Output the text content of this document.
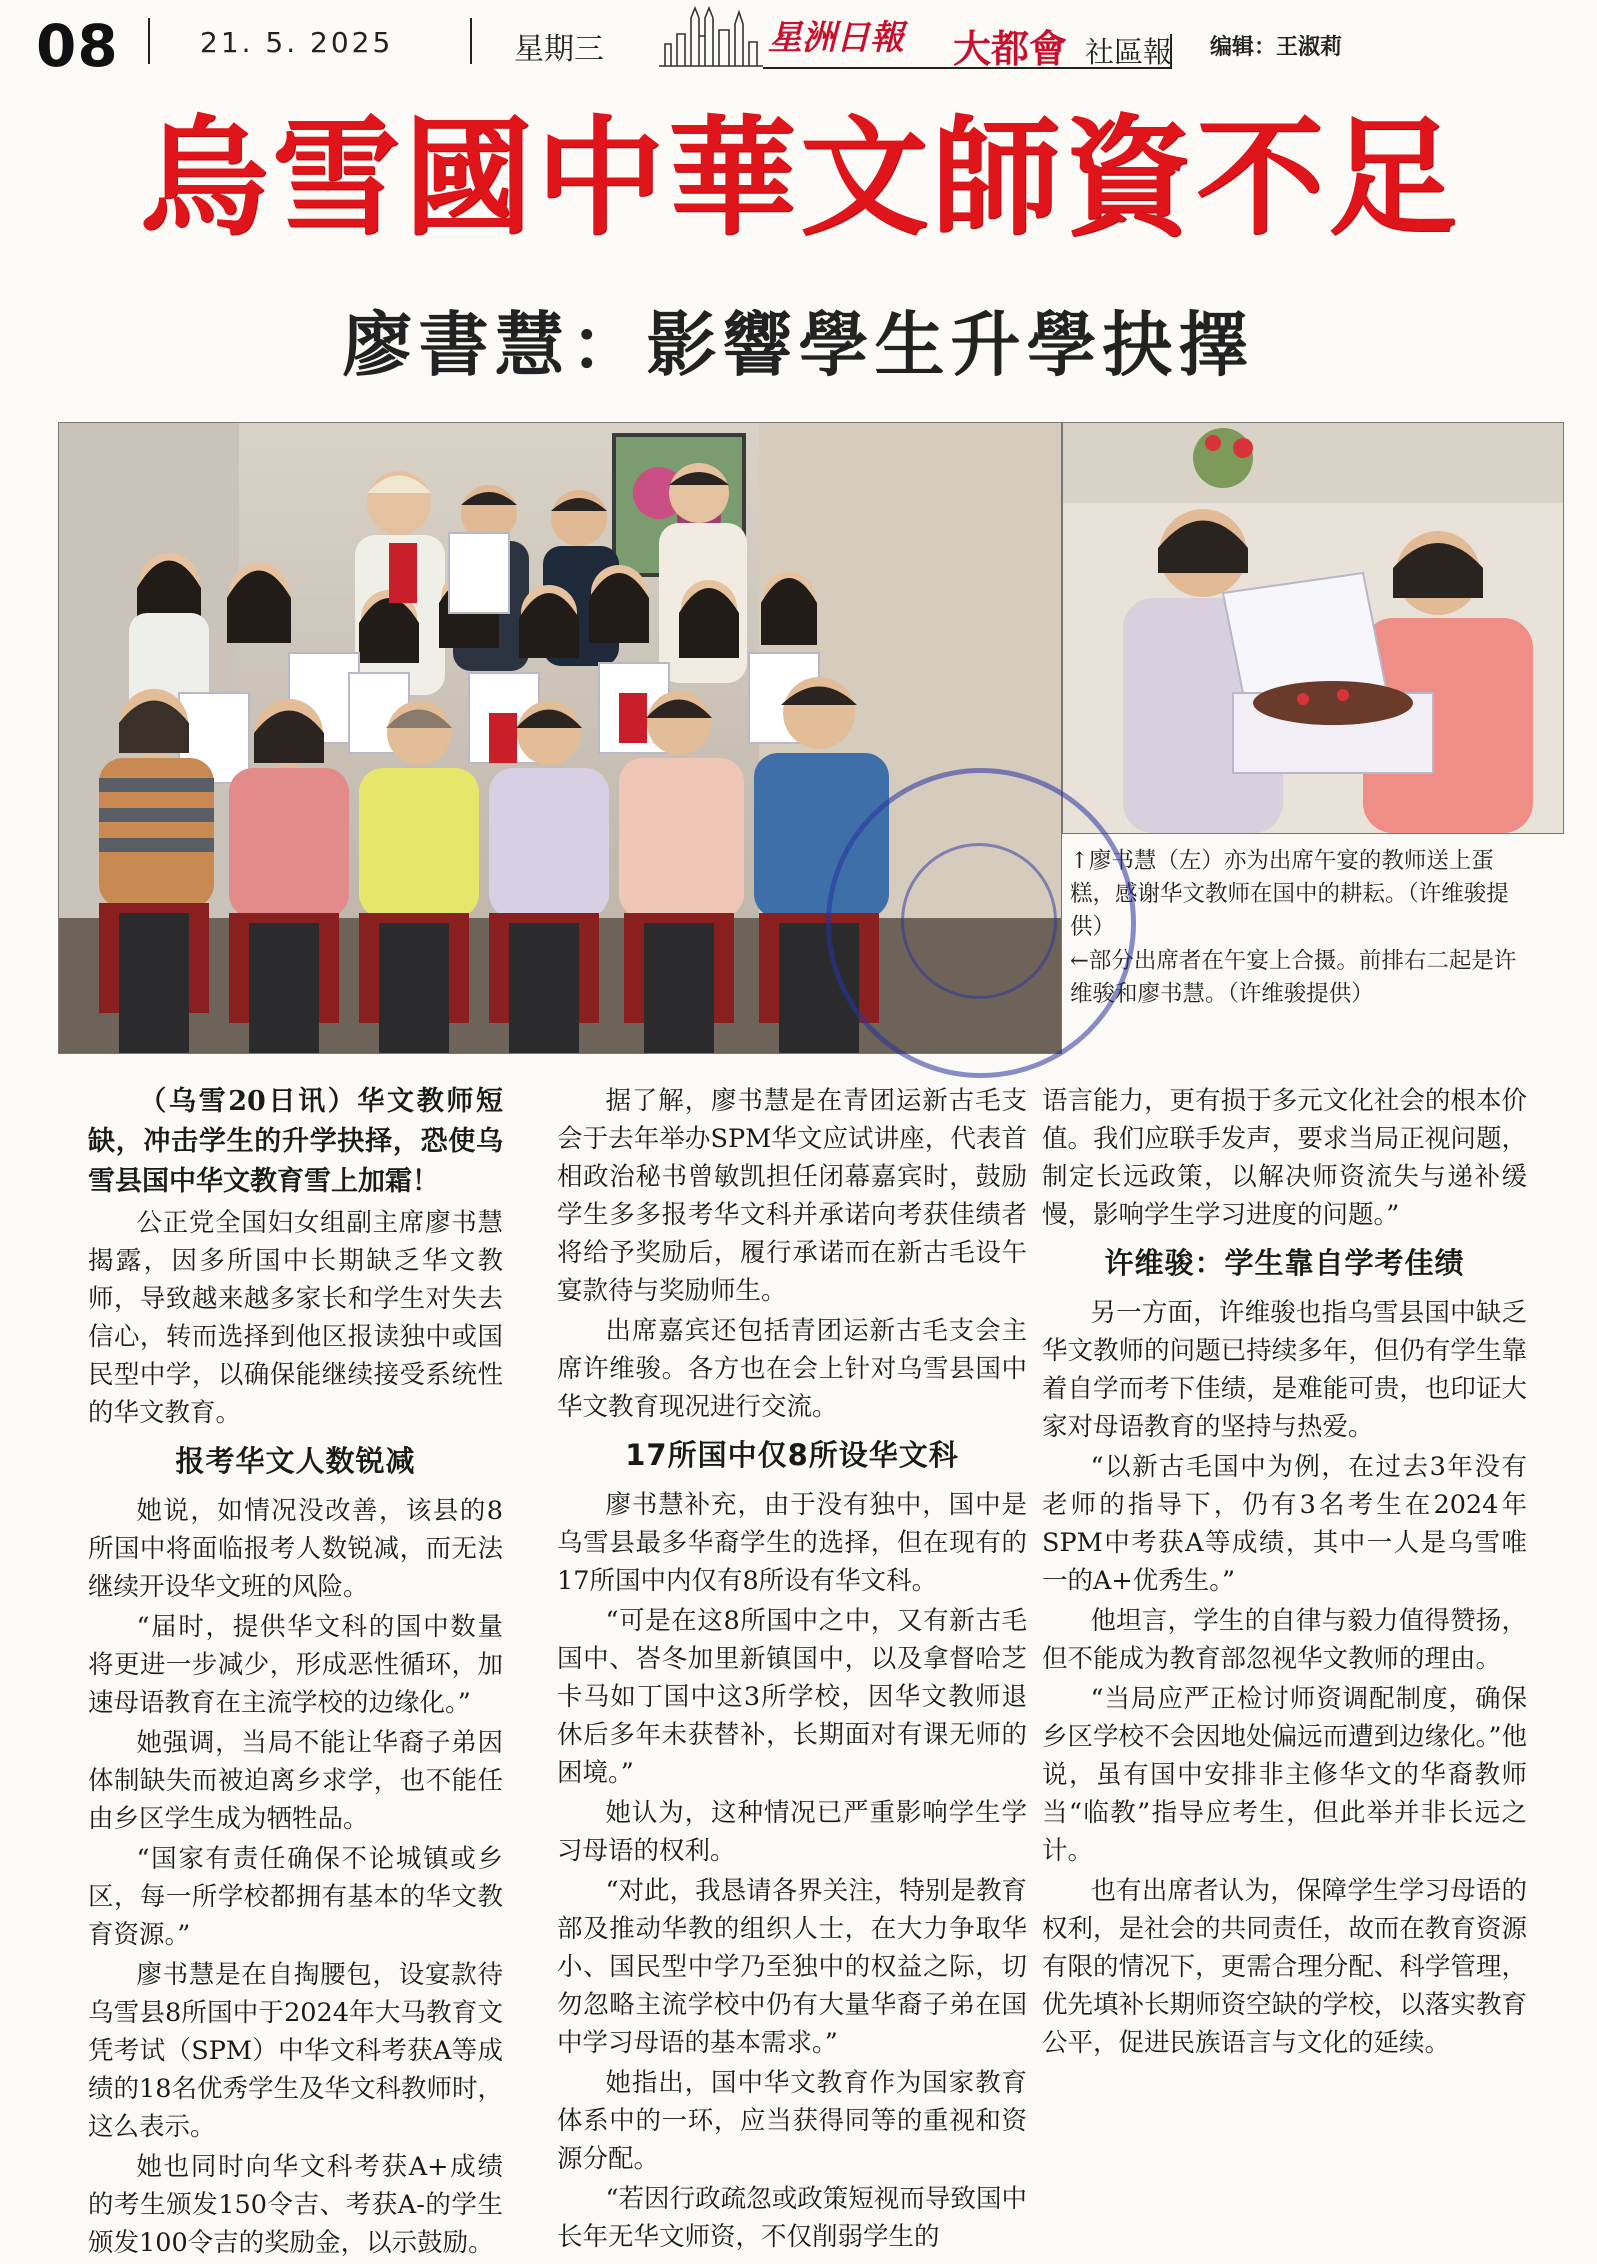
08	21. 5. 2025	星期三	星洲日報 大都會 社區報 编辑：王淑莉
烏雪國中華文師資不足
廖書慧：影響學生升學抉擇
↑廖书慧（左）亦为出席午宴的教师送上蛋糕，感谢华文教师在国中的耕耘。（许维骏提供）
←部分出席者在午宴上合摄。前排右二起是许维骏和廖书慧。（许维骏提供）

（乌雪20日讯）华文教师短缺，冲击学生的升学抉择，恐使乌雪县国中华文教育雪上加霜！

公正党全国妇女组副主席廖书慧揭露，因多所国中长期缺乏华文教师，导致越来越多家长和学生对失去信心，转而选择到他区报读独中或国民型中学，以确保能继续接受系统性的华文教育。

报考华文人数锐减

她说，如情况没改善，该县的8所国中将面临报考人数锐减，而无法继续开设华文班的风险。

“届时，提供华文科的国中数量将更进一步减少，形成恶性循环，加速母语教育在主流学校的边缘化。”

她强调，当局不能让华裔子弟因体制缺失而被迫离乡求学，也不能任由乡区学生成为牺牲品。

“国家有责任确保不论城镇或乡区，每一所学校都拥有基本的华文教育资源。”

廖书慧是在自掏腰包，设宴款待乌雪县8所国中于2024年大马教育文凭考试（SPM）中华文科考获A等成绩的18名优秀学生及华文科教师时，这么表示。

她也同时向华文科考获A+成绩的考生颁发150令吉、考获A-的学生颁发100令吉的奖励金，以示鼓励。

据了解，廖书慧是在青团运新古毛支会于去年举办SPM华文应试讲座，代表首相政治秘书曾敏凯担任闭幕嘉宾时，鼓励学生多多报考华文科并承诺向考获佳绩者将给予奖励后，履行承诺而在新古毛设午宴款待与奖励师生。

出席嘉宾还包括青团运新古毛支会主席许维骏。各方也在会上针对乌雪县国中华文教育现况进行交流。

17所国中仅8所设华文科

廖书慧补充，由于没有独中，国中是乌雪县最多华裔学生的选择，但在现有的17所国中内仅有8所设有华文科。

“可是在这8所国中之中，又有新古毛国中、峇冬加里新镇国中，以及拿督哈芝卡马如丁国中这3所学校，因华文教师退休后多年未获替补，长期面对有课无师的困境。”

她认为，这种情况已严重影响学生学习母语的权利。

“对此，我恳请各界关注，特别是教育部及推动华教的组织人士，在大力争取华小、国民型中学乃至独中的权益之际，切勿忽略主流学校中仍有大量华裔子弟在国中学习母语的基本需求。”

她指出，国中华文教育作为国家教育体系中的一环，应当获得同等的重视和资源分配。

“若因行政疏忽或政策短视而导致国中长年无华文师资，不仅削弱学生的

语言能力，更有损于多元文化社会的根本价值。我们应联手发声，要求当局正视问题，制定长远政策，以解决师资流失与递补缓慢，影响学生学习进度的问题。”

许维骏：学生靠自学考佳绩

另一方面，许维骏也指乌雪县国中缺乏华文教师的问题已持续多年，但仍有学生靠着自学而考下佳绩，是难能可贵，也印证大家对母语教育的坚持与热爱。

“以新古毛国中为例，在过去3年没有老师的指导下，仍有3名考生在2024年SPM中考获A等成绩，其中一人是乌雪唯一的A+优秀生。”

他坦言，学生的自律与毅力值得赞扬，但不能成为教育部忽视华文教师的理由。

“当局应严正检讨师资调配制度，确保乡区学校不会因地处偏远而遭到边缘化。”他说，虽有国中安排非主修华文的华裔教师当“临教”指导应考生，但此举并非长远之计。

也有出席者认为，保障学生学习母语的权利，是社会的共同责任，故而在教育资源有限的情况下，更需合理分配、科学管理，优先填补长期师资空缺的学校，以落实教育公平，促进民族语言与文化的延续。
